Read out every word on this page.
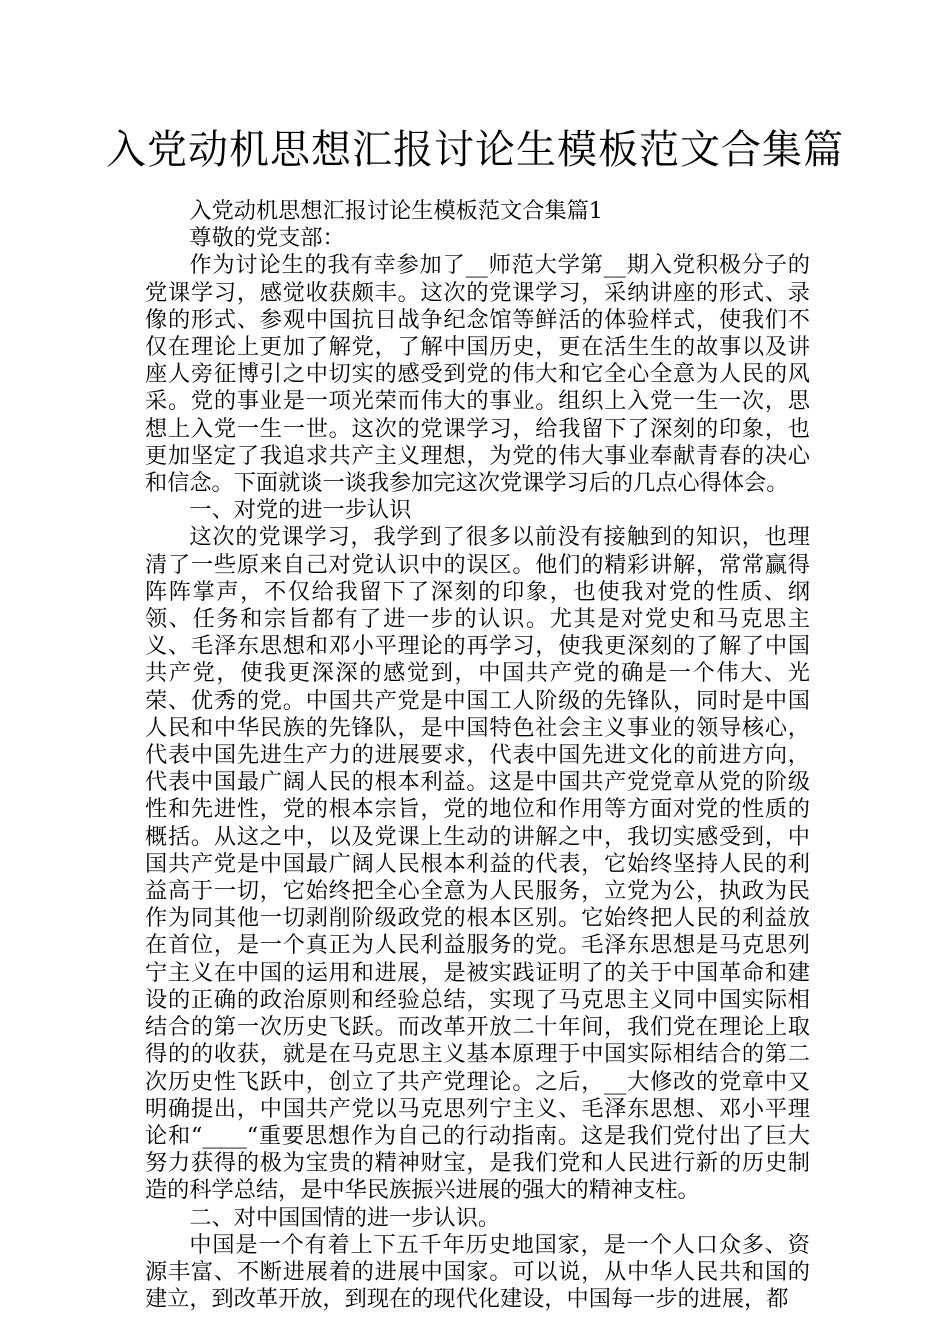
入党动机思想汇报讨论生模板范文合集篇

入党动机思想汇报讨论生模板范文合集篇1

尊敬的党支部：

作为讨论生的我有幸参加了__师范大学第__期入党积极分子的党课学习，感觉收获颇丰。这次的党课学习，采纳讲座的形式、录像的形式、参观中国抗日战争纪念馆等鲜活的体验样式，使我们不仅在理论上更加了解党，了解中国历史，更在活生生的故事以及讲座人旁征博引之中切实的感受到党的伟大和它全心全意为人民的风采。党的事业是一项光荣而伟大的事业。组织上入党一生一次，思想上入党一生一世。这次的党课学习，给我留下了深刻的印象，也更加坚定了我追求共产主义理想，为党的伟大事业奉献青春的决心和信念。下面就谈一谈我参加完这次党课学习后的几点心得体会。

一、对党的进一步认识

这次的党课学习，我学到了很多以前没有接触到的知识，也理清了一些原来自己对党认识中的误区。他们的精彩讲解，常常赢得阵阵掌声，不仅给我留下了深刻的印象，也使我对党的性质、纲领、任务和宗旨都有了进一步的认识。尤其是对党史和马克思主义、毛泽东思想和邓小平理论的再学习，使我更深刻的了解了中国共产党，使我更深深的感觉到，中国共产党的确是一个伟大、光荣、优秀的党。中国共产党是中国工人阶级的先锋队，同时是中国人民和中华民族的先锋队，是中国特色社会主义事业的领导核心，代表中国先进生产力的进展要求，代表中国先进文化的前进方向，代表中国最广阔人民的根本利益。这是中国共产党党章从党的阶级性和先进性，党的根本宗旨，党的地位和作用等方面对党的性质的概括。从这之中，以及党课上生动的讲解之中，我切实感受到，中国共产党是中国最广阔人民根本利益的代表，它始终坚持人民的利益高于一切，它始终把全心全意为人民服务，立党为公，执政为民作为同其他一切剥削阶级政党的根本区别。它始终把人民的利益放在首位，是一个真正为人民利益服务的党。毛泽东思想是马克思列宁主义在中国的运用和进展，是被实践证明了的关于中国革命和建设的正确的政治原则和经验总结，实现了马克思主义同中国实际相结合的第一次历史飞跃。而改革开放二十年间，我们党在理论上取得的的收获，就是在马克思主义基本原理于中国实际相结合的第二次历史性飞跃中，创立了共产党理论。之后，__大修改的党章中又明确提出，中国共产党以马克思列宁主义、毛泽东思想、邓小平理论和“____“重要思想作为自己的行动指南。这是我们党付出了巨大努力获得的极为宝贵的精神财宝，是我们党和人民进行新的历史制造的科学总结，是中华民族振兴进展的强大的精神支柱。

二、对中国国情的进一步认识。

中国是一个有着上下五千年历史地国家，是一个人口众多、资源丰富、不断进展着的进展中国家。可以说，从中华人民共和国的建立，到改革开放，到现在的现代化建设，中国每一步的进展，都
